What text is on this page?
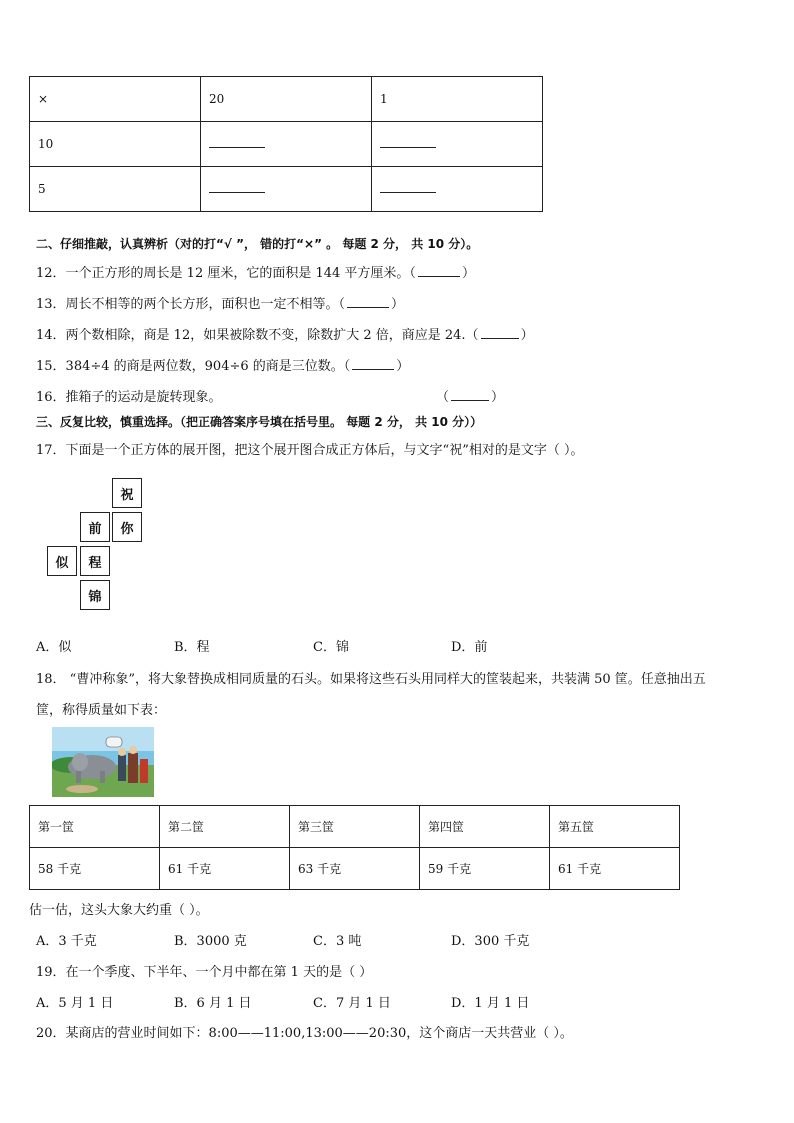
×	20	1
10		
5		
二、仔细推敲，认真辨析（对的打“√ ”， 错的打“×” 。 每题 2 分， 共 10 分）。
12．一个正方形的周长是 12 厘米，它的面积是 144 平方厘米。（	）
13．周长不相等的两个长方形，面积也一定不相等。（	）
14．两个数相除，商是 12，如果被除数不变，除数扩大 2 倍，商应是 24.（	）
15．384÷4 的商是两位数，904÷6 的商是三位数。（	）
16．推箱子的运动是旋转现象。	（	）
三、反复比较，慎重选择。（把正确答案序号填在括号里。 每题 2 分， 共 10 分））
17．下面是一个正方体的展开图，把这个展开图合成正方体后，与文字“祝”相对的是文字（ ）。
祝
前	你
似	程
锦
A．似	B．程	C．锦	D．前
18． “曹冲称象”，将大象替换成相同质量的石头。如果将这些石头用同样大的筐装起来，共装满 50 筐。任意抽出五
筐，称得质量如下表：
第一筐	第二筐	第三筐	第四筐	第五筐
58 千克	61 千克	63 千克	59 千克	61 千克
估一估，这头大象大约重（ ）。
A．3 千克	B．3000 克	C．3 吨	D．300 千克
19．在一个季度、下半年、一个月中都在第 1 天的是（ ）
A．5 月 1 日	B．6 月 1 日	C．7 月 1 日	D．1 月 1 日
20．某商店的营业时间如下：8:00——11:00,13:00——20:30，这个商店一天共营业（ ）。
